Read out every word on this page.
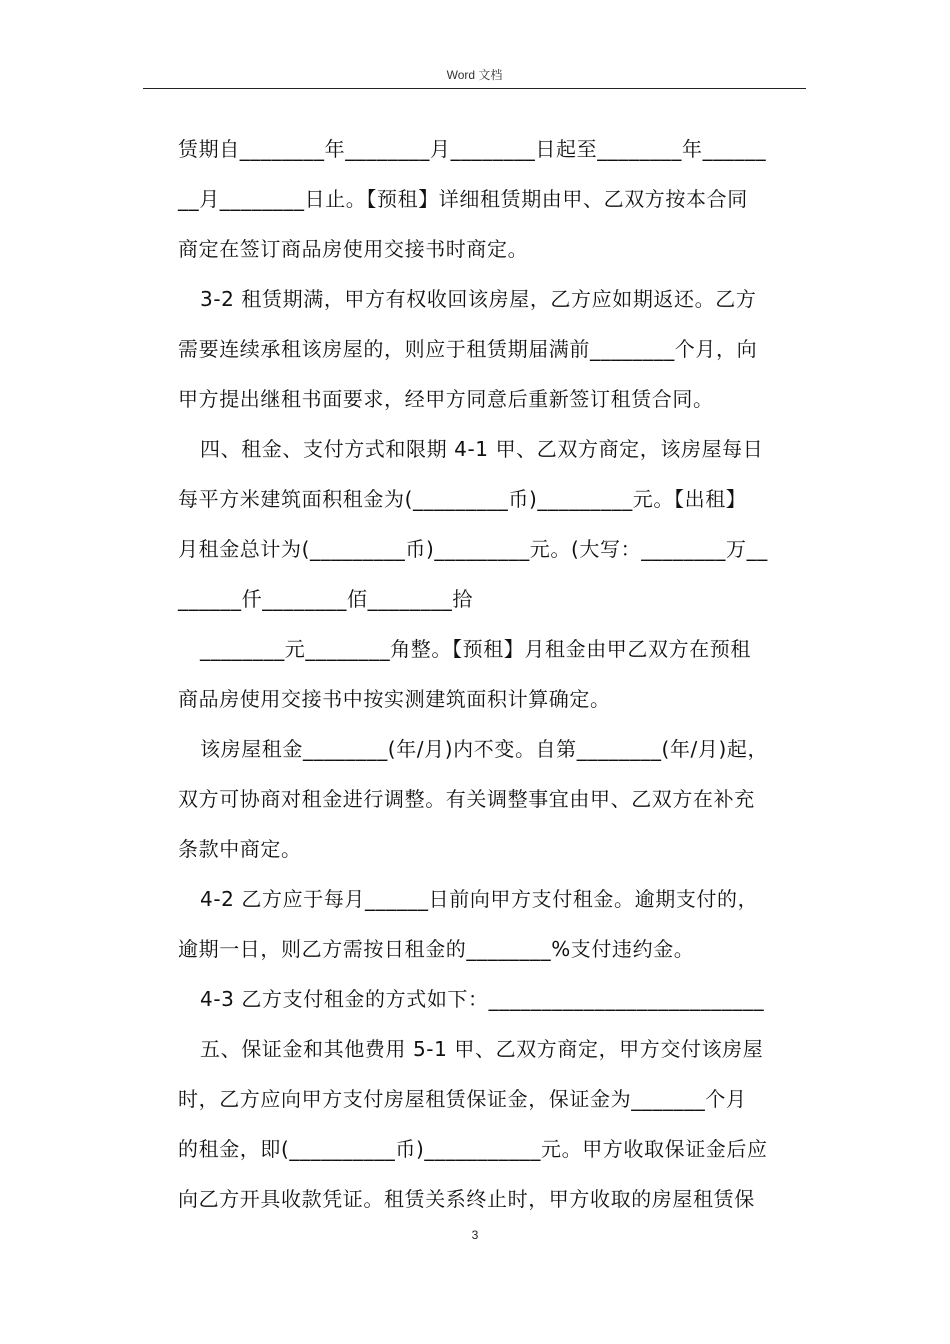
Word 文档
赁期自________年________月________日起至________年______
__月________日止。【预租】详细租赁期由甲、乙双方按本合同
商定在签订商品房使用交接书时商定。
3-2 租赁期满，甲方有权收回该房屋，乙方应如期返还。乙方
需要连续承租该房屋的，则应于租赁期届满前________个月，向
甲方提出继租书面要求，经甲方同意后重新签订租赁合同。
四、租金、支付方式和限期 4-1 甲、乙双方商定，该房屋每日
每平方米建筑面积租金为(_________币)_________元。【出租】
月租金总计为(_________币)_________元。(大写：________万__
______仟________佰________拾
________元________角整。【预租】月租金由甲乙双方在预租
商品房使用交接书中按实测建筑面积计算确定。
该房屋租金________(年/月)内不变。自第________(年/月)起，
双方可协商对租金进行调整。有关调整事宜由甲、乙双方在补充
条款中商定。
4-2 乙方应于每月______日前向甲方支付租金。逾期支付的，
逾期一日，则乙方需按日租金的________%支付违约金。
4-3 乙方支付租金的方式如下：__________________________
五、保证金和其他费用 5-1 甲、乙双方商定，甲方交付该房屋
时，乙方应向甲方支付房屋租赁保证金，保证金为_______个月
的租金，即(__________币)___________元。甲方收取保证金后应
向乙方开具收款凭证。租赁关系终止时，甲方收取的房屋租赁保
3
